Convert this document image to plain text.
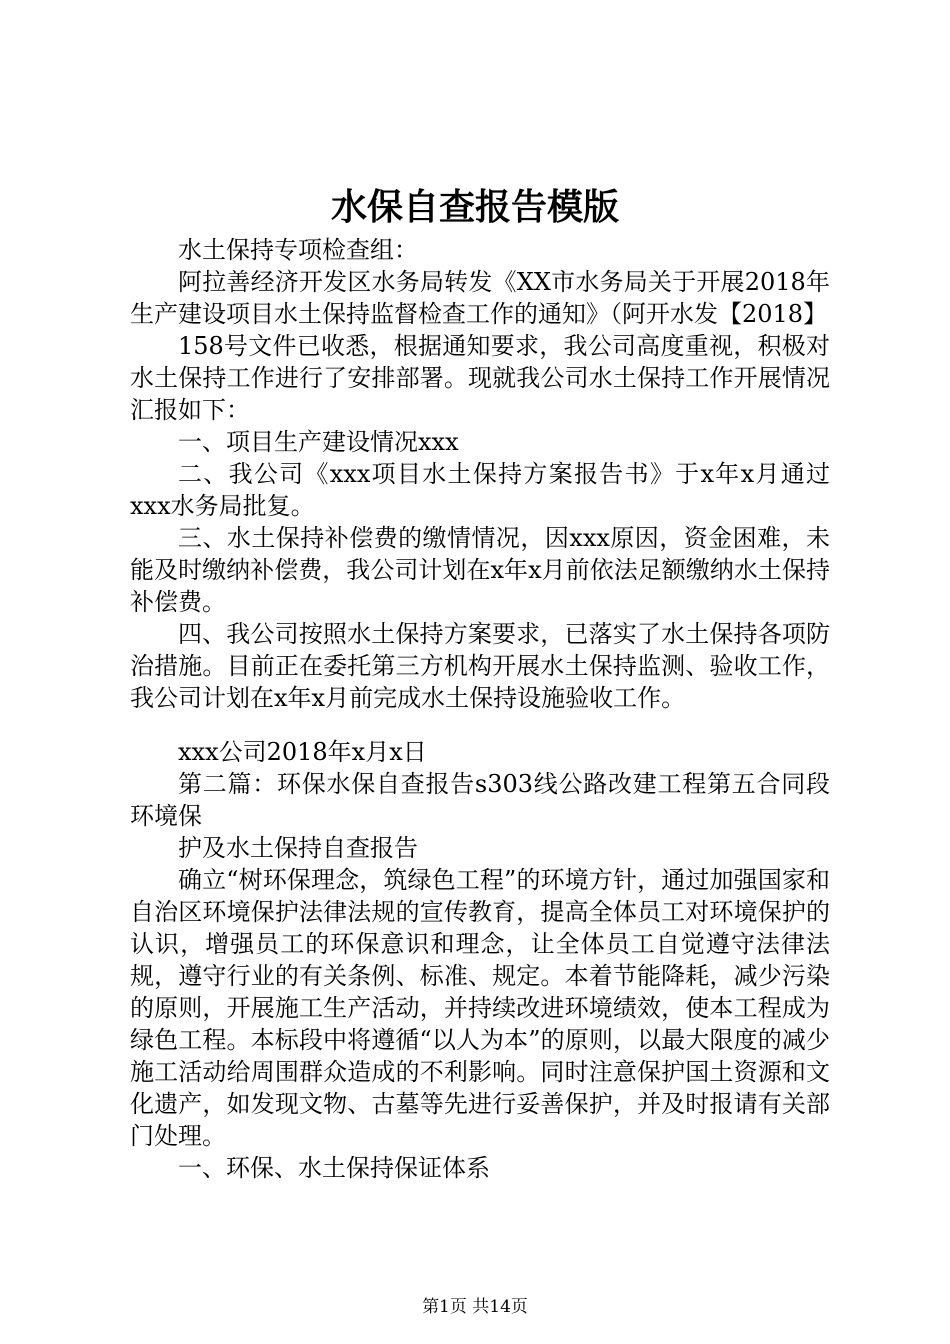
水保自查报告模版

水土保持专项检查组：

阿拉善经济开发区水务局转发《XX市水务局关于开展2018年生产建设项目水土保持监督检查工作的通知》（阿开水发【2018】

158号文件已收悉，根据通知要求，我公司高度重视，积极对水土保持工作进行了安排部署。现就我公司水土保持工作开展情况汇报如下：

一、项目生产建设情况xxx

二、我公司《xxx项目水土保持方案报告书》于x年x月通过xxx水务局批复。

三、水土保持补偿费的缴情情况，因xxx原因，资金困难，未能及时缴纳补偿费，我公司计划在x年x月前依法足额缴纳水土保持补偿费。

四、我公司按照水土保持方案要求，已落实了水土保持各项防治措施。目前正在委托第三方机构开展水土保持监测、验收工作，我公司计划在x年x月前完成水土保持设施验收工作。

xxx公司2018年x月x日

第二篇：环保水保自查报告s303线公路改建工程第五合同段环境保

护及水土保持自查报告

确立“树环保理念，筑绿色工程”的环境方针，通过加强国家和自治区环境保护法律法规的宣传教育，提高全体员工对环境保护的认识，增强员工的环保意识和理念，让全体员工自觉遵守法律法规，遵守行业的有关条例、标准、规定。本着节能降耗，减少污染的原则，开展施工生产活动，并持续改进环境绩效，使本工程成为绿色工程。本标段中将遵循“以人为本”的原则，以最大限度的减少施工活动给周围群众造成的不利影响。同时注意保护国土资源和文化遗产，如发现文物、古墓等先进行妥善保护，并及时报请有关部门处理。

一、环保、水土保持保证体系

第1页 共14页
